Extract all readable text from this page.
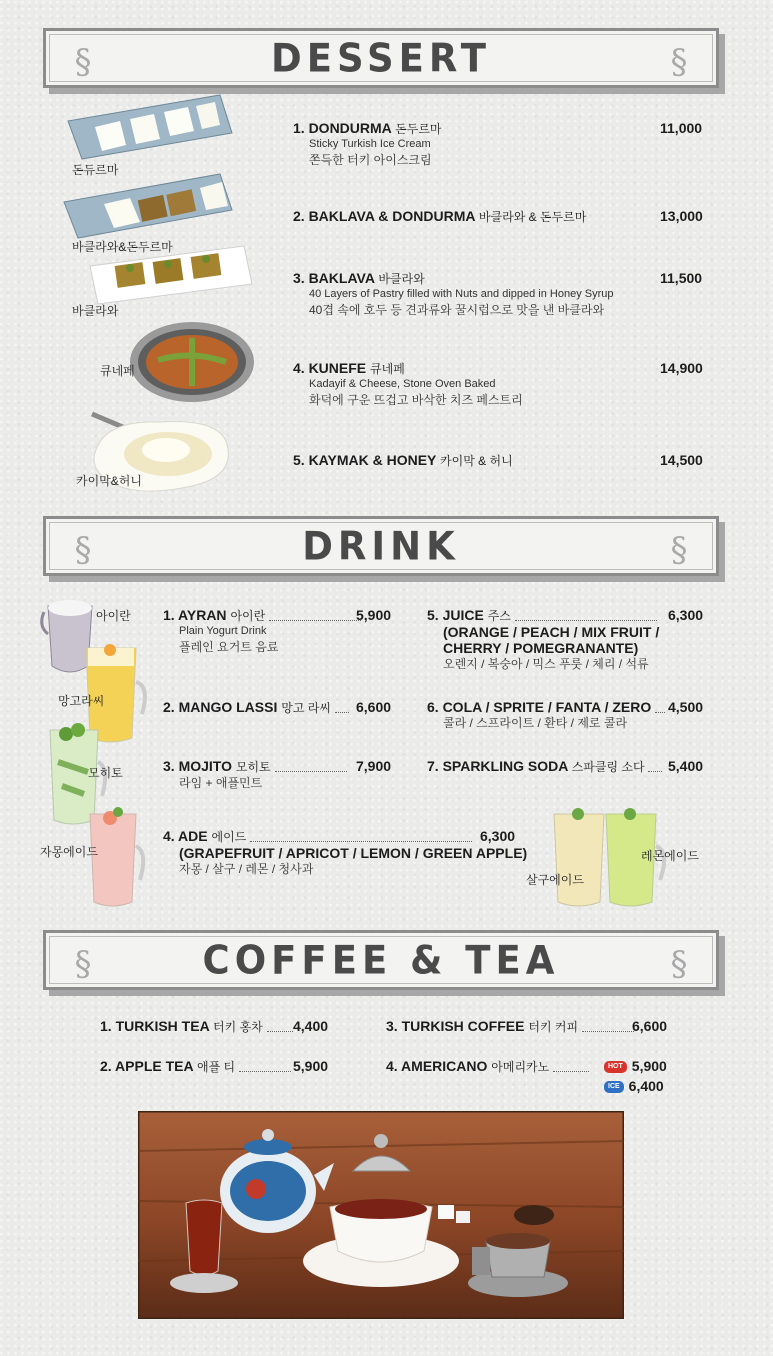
§	DESSERT	§
돈듀르마
바클라와&돈두르마
바클라와
큐네페
카이막&허니
1. DONDURMA 돈두르마
Sticky Turkish Ice Cream
쫀득한 터키 아이스크림
11,000
2. BAKLAVA & DONDURMA 바클라와 & 돈두르마	13,000
3. BAKLAVA 바클라와
40 Layers of Pastry filled with Nuts and dipped in Honey Syrup
40겹 속에 호두 등 견과류와 꿀시럽으로 맛을 낸 바클라와
11,500
4. KUNEFE 큐네페
Kadayif & Cheese, Stone Oven Baked
화덕에 구운 뜨겁고 바삭한 치즈 페스트리
14,900
5. KAYMAK & HONEY 카이막 & 허니	14,500
§	DRINK	§
아이란
망고라씨
모히토
자몽에이드
살구에이드
레몬에이드
1. AYRAN 아이란
Plain Yogurt Drink
플레인 요거트 음료
5,900
2. MANGO LASSI 망고 라씨	6,600
3. MOJITO 모히토
라임 + 애플민트
7,900
4. ADE 에이드
(GRAPEFRUIT / APRICOT / LEMON / GREEN APPLE)
자몽 / 살구 / 레몬 / 청사과
6,300
5. JUICE 주스
(ORANGE / PEACH / MIX FRUIT /
CHERRY / POMEGRANANTE)
오렌지 / 복숭아 / 믹스 푸룻 / 체리 / 석류
6,300
6. COLA / SPRITE / FANTA / ZERO
콜라 / 스프라이트 / 환타 / 제로 콜라
4,500
7. SPARKLING SODA 스파클링 소다	5,400
§	COFFEE & TEA	§
1. TURKISH TEA 터키 홍차	4,400
2. APPLE TEA 애플 티	5,900
3. TURKISH COFFEE 터키 커피	6,600
4. AMERICANO 아메리카노	HOT 5,900
ICE 6,400
